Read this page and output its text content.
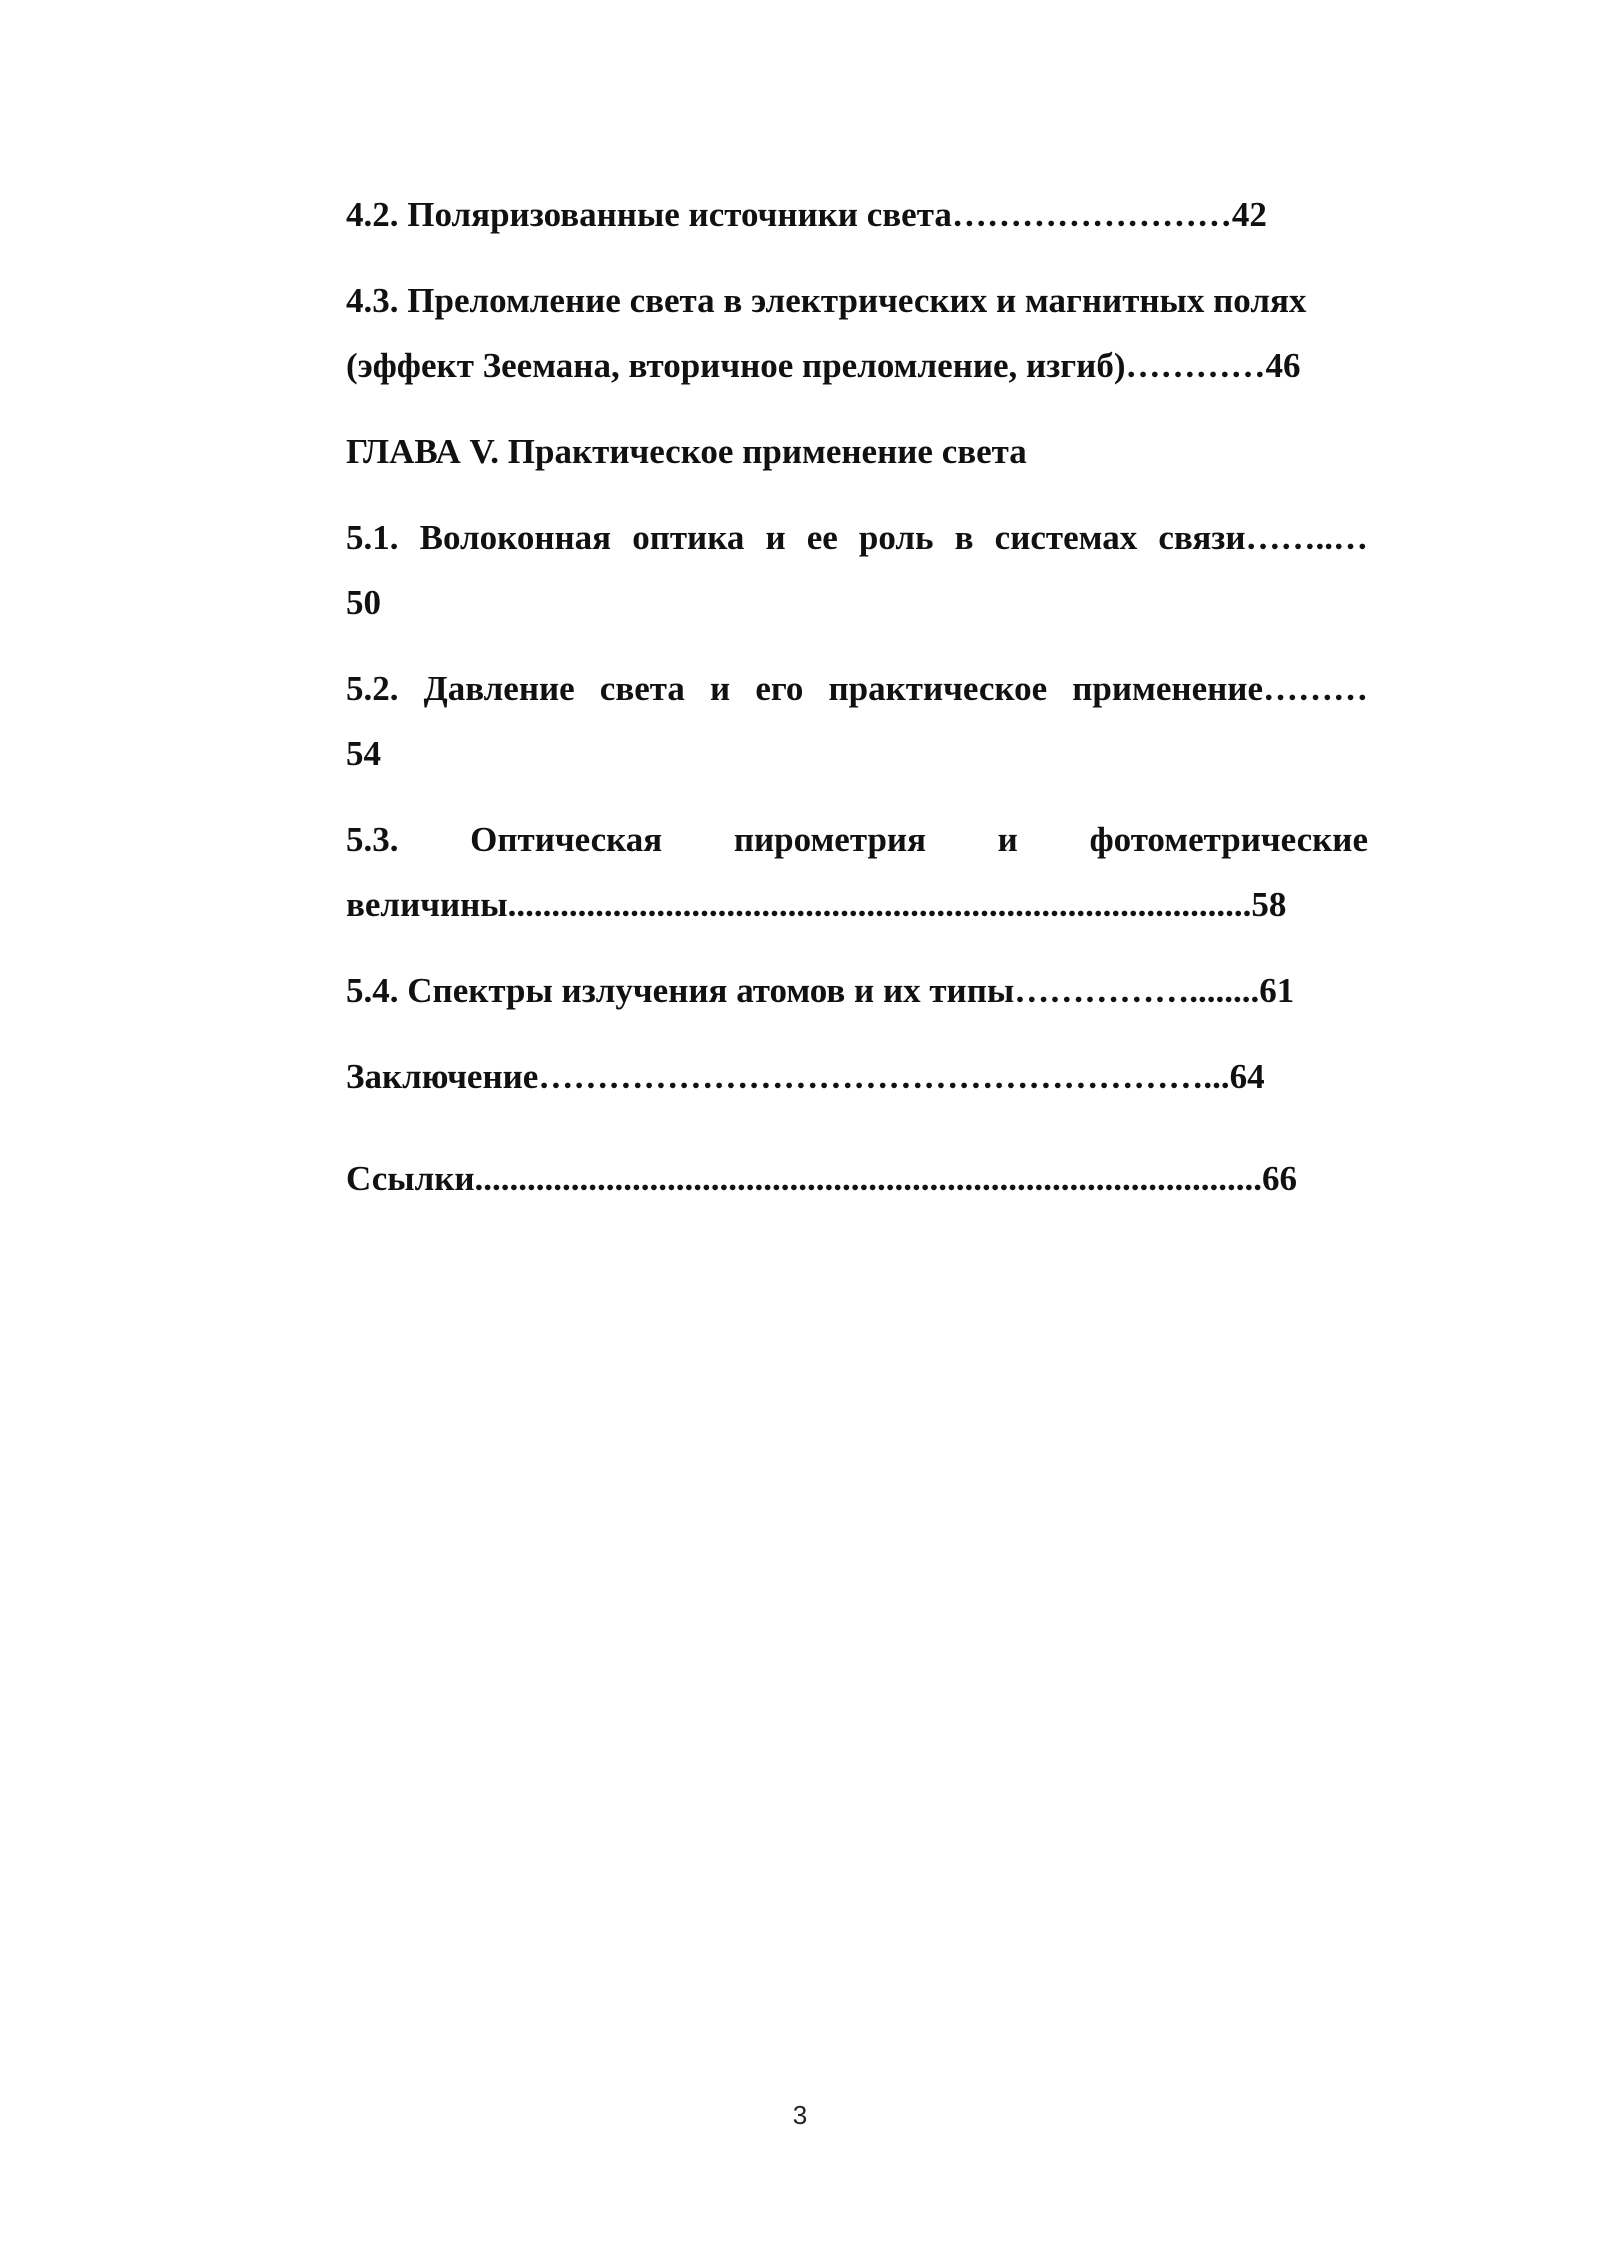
4.2. Поляризованные источники света……………………42
4.3. Преломление света в электрических и магнитных полях
(эффект Зеемана, вторичное преломление, изгиб)…………46
ГЛАВА V. Практическое применение света
5.1. Волоконная оптика и ее роль в системах связи……..…
50
5.2. Давление света и его практическое применение………
54
5.3. Оптическая пирометрия и фотометрические
величины.....................................................................................58
5.4. Спектры излучения атомов и их типы……………........61
Заключение…………………………………………………...64
Ссылки..........................................................................................66
3
